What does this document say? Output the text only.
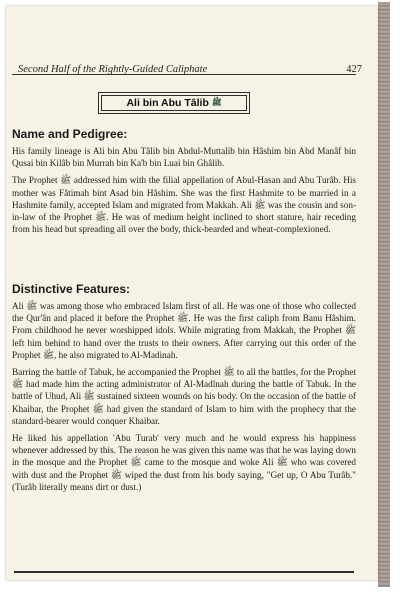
Second Half of the Rightly-Guided Caliphate	427
Ali bin Abu Tâlib ﷺ
Name and Pedigree:

His family lineage is Ali bin Abu Tâlib bin Abdul-Muttalib bin Hâshim bin Abd Manâf bin Qusai bin Kilâb bin Murrah bin Ka'b bin Luai bin Ghâlib.

The Prophet ﷺ addressed him with the filial appellation of Abul-Hasan and Abu Turâb. His mother was Fâtimah bint Asad bin Hâshim. She was the first Hashmite to be married in a Hashmite family, accepted Islam and migrated from Makkah. Ali ﷺ was the cousin and son-in-law of the Prophet ﷺ. He was of medium height inclined to short stature, hair receding from his head but spreading all over the body, thick-bearded and wheat-complexioned.

Distinctive Features:

Ali ﷺ was among those who embraced Islam first of all. He was one of those who collected the Qur'ân and placed it before the Prophet ﷺ. He was the first caliph from Banu Hâshim. From childhood he never worshipped idols. While migrating from Makkah, the Prophet ﷺ left him behind to hand over the trusts to their owners. After carrying out this order of the Prophet ﷺ, he also migrated to Al-Madinah.

Barring the battle of Tabuk, he accompanied the Prophet ﷺ to all the battles, for the Prophet ﷺ had made him the acting administrator of Al-Madînah during the battle of Tabuk. In the battle of Uhud, Ali ﷺ sustained sixteen wounds on his body. On the occasion of the battle of Khaibar, the Prophet ﷺ had given the standard of Islam to him with the prophecy that the standard-bearer would conquer Khaibar.

He liked his appellation 'Abu Turab' very much and he would express his happiness whenever addressed by this. The reason he was given this name was that he was laying down in the mosque and the Prophet ﷺ came to the mosque and woke Ali ﷺ who was covered with dust and the Prophet ﷺ wiped the dust from his body saying, "Get up, O Abu Turâb." (Turâb literally means dirt or dust.)
